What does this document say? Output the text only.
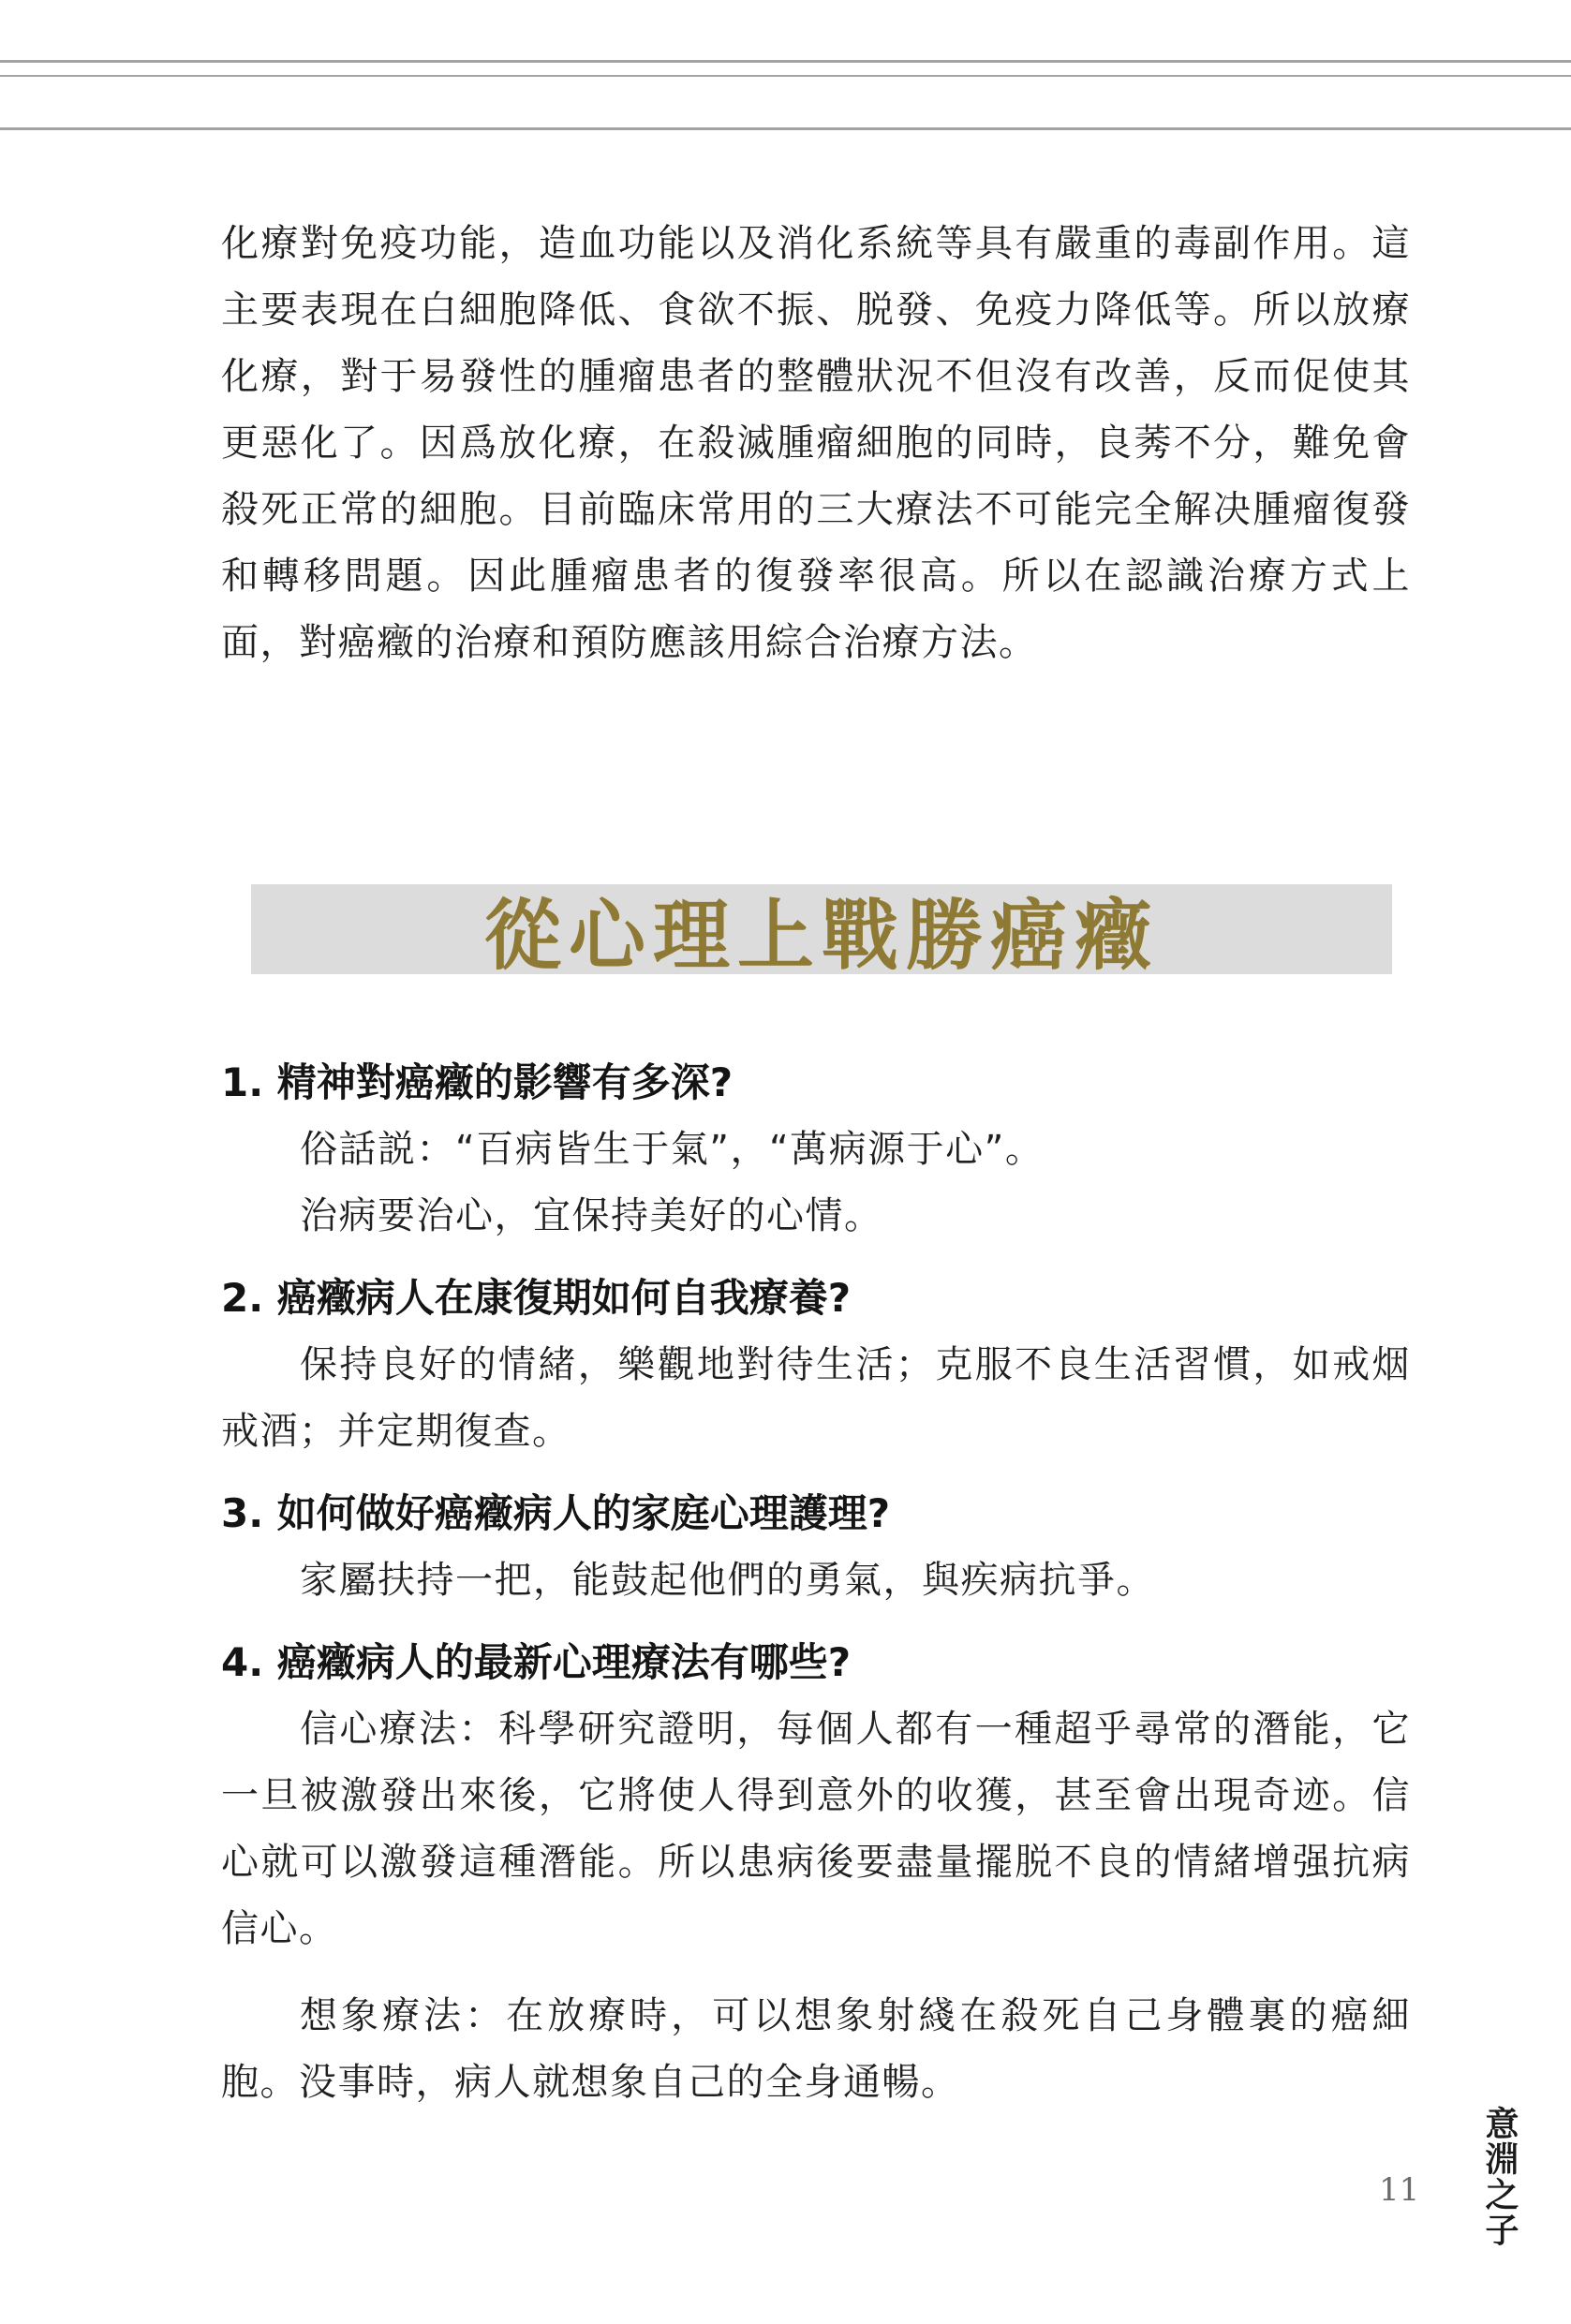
化療對免疫功能，造血功能以及消化系統等具有嚴重的毒副作用。這主要表現在白細胞降低、食欲不振、脱發、免疫力降低等。所以放療化療，對于易發性的腫瘤患者的整體狀況不但沒有改善，反而促使其更惡化了。因爲放化療，在殺滅腫瘤細胞的同時，良莠不分，難免會殺死正常的細胞。目前臨床常用的三大療法不可能完全解决腫瘤復發和轉移問題。因此腫瘤患者的復發率很高。所以在認識治療方式上面，對癌癥的治療和預防應該用綜合治療方法。

從心理上戰勝癌癥
1. 精神對癌癥的影響有多深?

俗話説：“百病皆生于氣”，“萬病源于心”。

治病要治心，宜保持美好的心情。

2. 癌癥病人在康復期如何自我療養?

保持良好的情緒，樂觀地對待生活；克服不良生活習慣，如戒烟戒酒；并定期復查。

3. 如何做好癌癥病人的家庭心理護理?

家屬扶持一把，能鼓起他們的勇氣，與疾病抗爭。

4. 癌癥病人的最新心理療法有哪些?

信心療法：科學研究證明，每個人都有一種超乎尋常的潛能，它一旦被激發出來後，它將使人得到意外的收獲，甚至會出現奇迹。信心就可以激發這種潛能。所以患病後要盡量擺脱不良的情緒增强抗病信心。

想象療法：在放療時，可以想象射綫在殺死自己身體裏的癌細胞。没事時，病人就想象自己的全身通暢。

11 意淵之子
